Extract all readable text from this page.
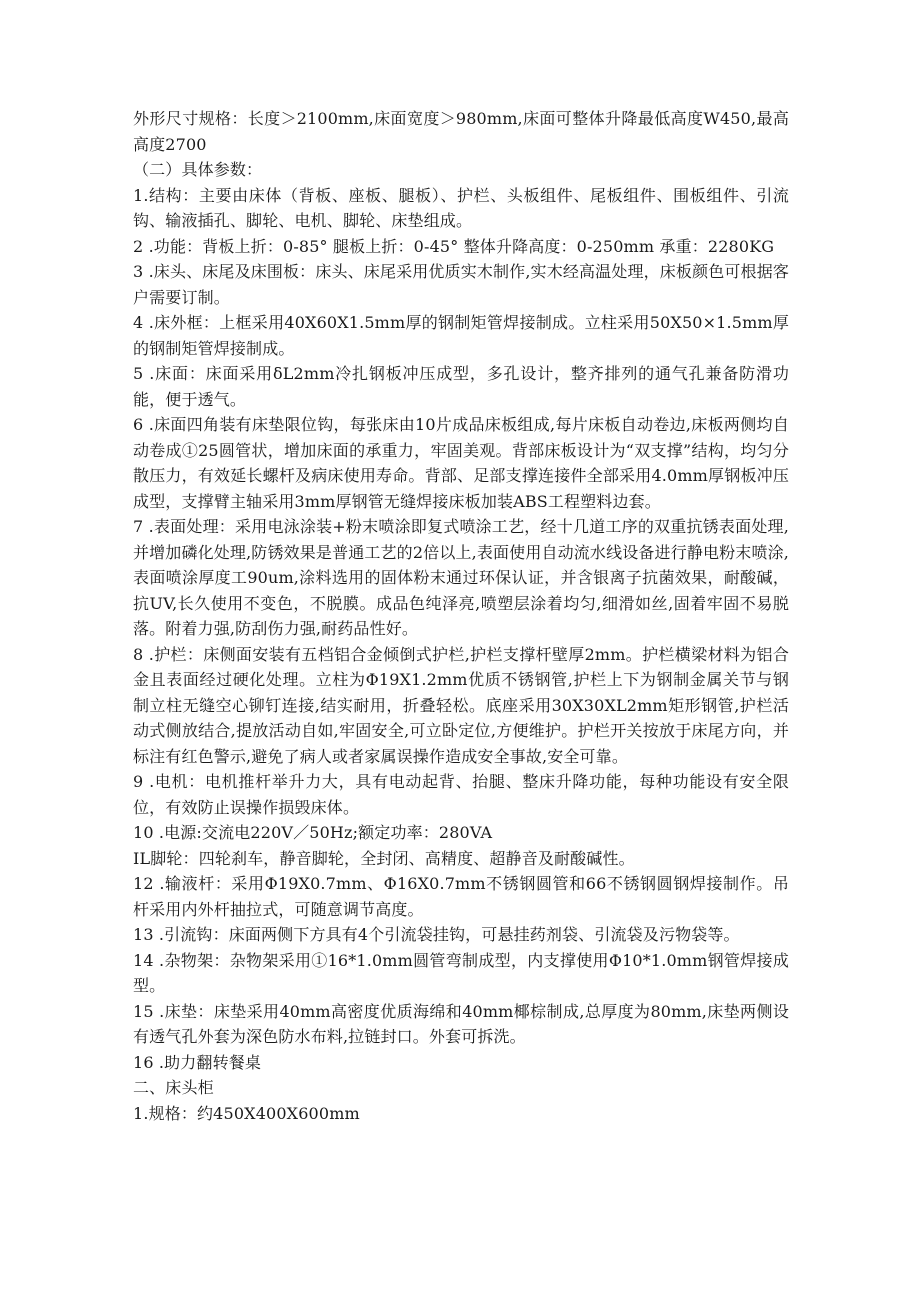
外形尺寸规格：长度＞2100mm,床面宽度＞980mm,床面可整体升降最低高度W450,最高高度2700

（二）具体参数：

1.结构：主要由床体（背板、座板、腿板）、护栏、头板组件、尾板组件、围板组件、引流钩、输液插孔、脚轮、电机、脚轮、床垫组成。

2 .功能：背板上折：0-85° 腿板上折：0-45° 整体升降高度：0-250mm 承重：2280KG

3 .床头、床尾及床围板：床头、床尾采用优质实木制作,实木经高温处理，床板颜色可根据客户需要订制。

4 .床外框：上框采用40X60X1.5mm厚的钢制矩管焊接制成。立柱采用50X50×1.5mm厚的钢制矩管焊接制成。

5 .床面：床面采用δL2mm冷扎钢板冲压成型，多孔设计，整齐排列的通气孔兼备防滑功能，便于透气。

6 .床面四角装有床垫限位钩，每张床由10片成品床板组成,每片床板自动卷边,床板两侧均自动卷成①25圆管状，增加床面的承重力，牢固美观。背部床板设计为“双支撑”结构，均匀分散压力，有效延长螺杆及病床使用寿命。背部、足部支撑连接件全部采用4.0mm厚钢板冲压成型，支撑臂主轴采用3mm厚钢管无缝焊接床板加装ABS工程塑料边套。

7 .表面处理：采用电泳涂装+粉末喷涂即复式喷涂工艺，经十几道工序的双重抗锈表面处理,并增加磷化处理,防锈效果是普通工艺的2倍以上,表面使用自动流水线设备进行静电粉末喷涂,表面喷涂厚度工90um,涂料选用的固体粉末通过环保认证，并含银离子抗菌效果，耐酸碱，抗UV,长久使用不变色，不脱膜。成品色纯泽亮,喷塑层涂着均匀,细滑如丝,固着牢固不易脱落。附着力强,防刮伤力强,耐药品性好。

8 .护栏：床侧面安装有五档铝合金倾倒式护栏,护栏支撑杆壁厚2mm。护栏横梁材料为铝合金且表面经过硬化处理。立柱为Φ19X1.2mm优质不锈钢管,护栏上下为钢制金属关节与钢制立柱无缝空心铆钉连接,结实耐用，折叠轻松。底座采用30X30XL2mm矩形钢管,护栏活动式侧放结合,提放活动自如,牢固安全,可立卧定位,方便维护。护栏开关按放于床尾方向，并标注有红色警示,避免了病人或者家属误操作造成安全事故,安全可靠。

9 .电机：电机推杆举升力大，具有电动起背、抬腿、整床升降功能，每种功能设有安全限位，有效防止误操作损毁床体。

10 .电源:交流电220V／50Hz;额定功率：280VA

IL脚轮：四轮刹车，静音脚轮，全封闭、高精度、超静音及耐酸碱性。

12 .输液杆：采用Φ19X0.7mm、Φ16X0.7mm不锈钢圆管和66不锈钢圆钢焊接制作。吊杆采用内外杆抽拉式，可随意调节高度。

13 .引流钩：床面两侧下方具有4个引流袋挂钩，可悬挂药剂袋、引流袋及污物袋等。

14 .杂物架：杂物架采用①16*1.0mm圆管弯制成型，内支撑使用Φ10*1.0mm钢管焊接成型。

15 .床垫：床垫采用40mm高密度优质海绵和40mm椰棕制成,总厚度为80mm,床垫两侧设有透气孔外套为深色防水布料,拉链封口。外套可拆洗。

16 .助力翻转餐桌

二、床头柜

1.规格：约450X400X600mm
